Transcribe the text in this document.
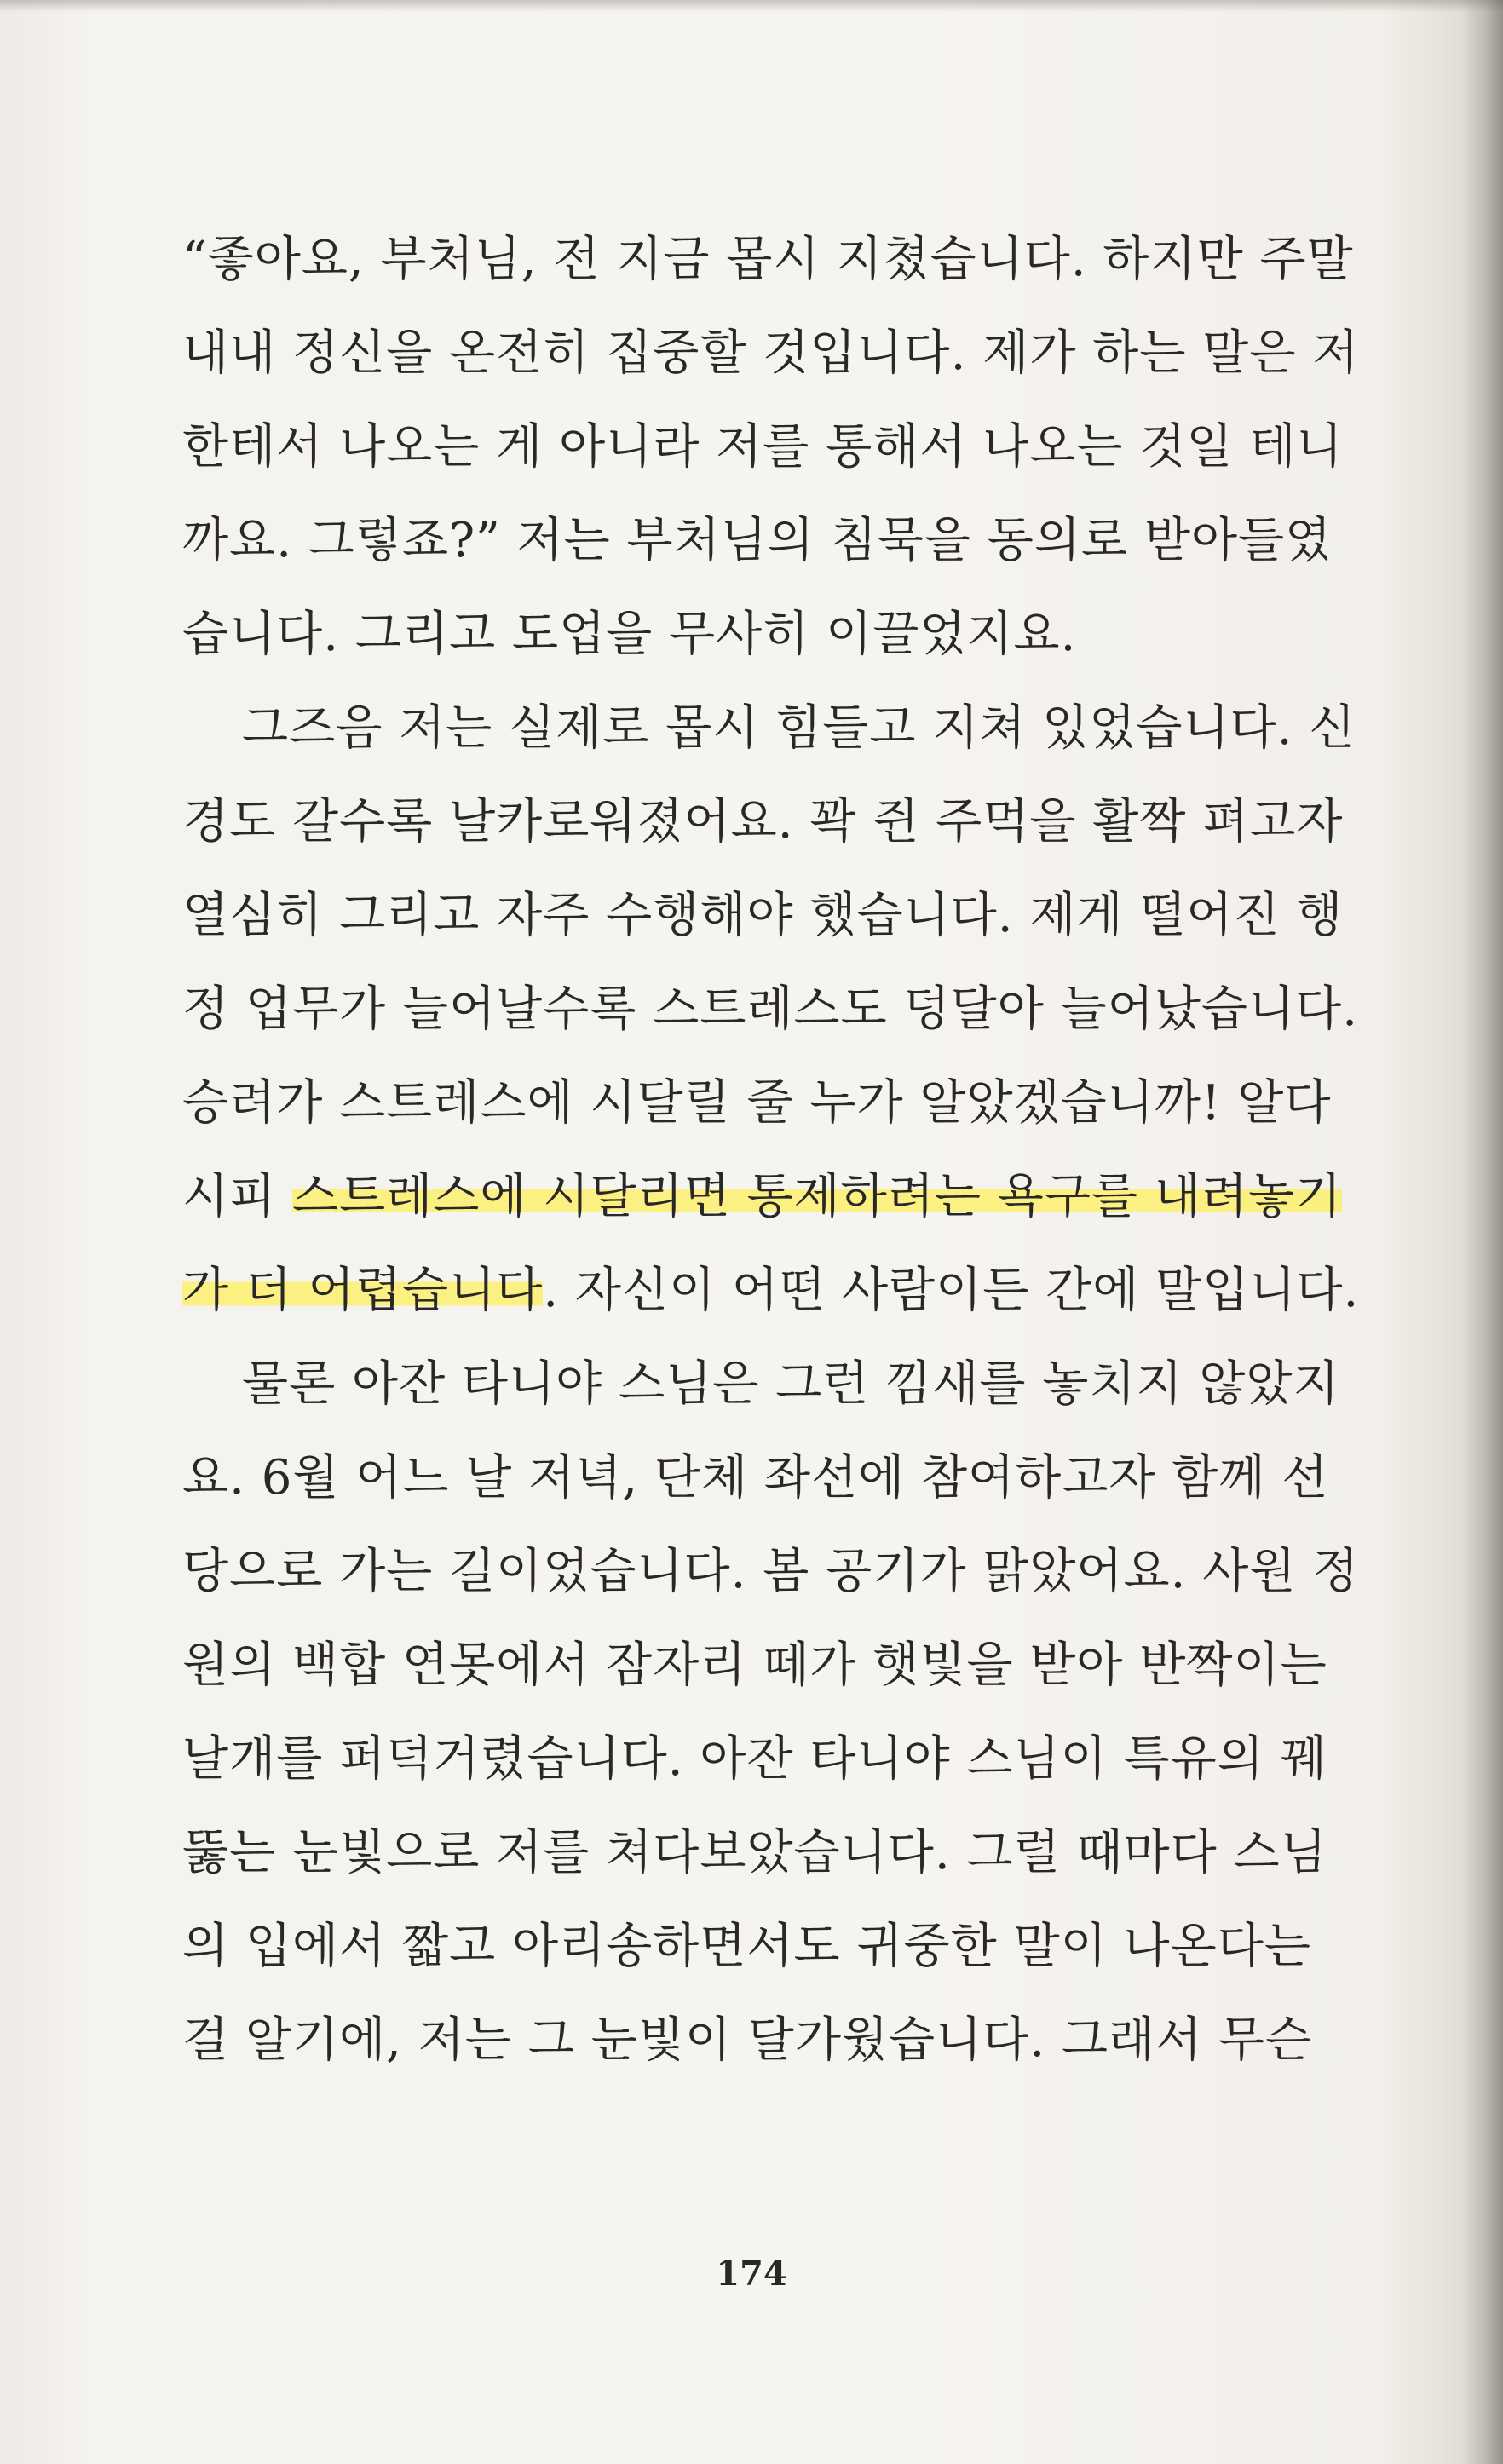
“좋아요, 부처님, 전 지금 몹시 지쳤습니다. 하지만 주말
내내 정신을 온전히 집중할 것입니다. 제가 하는 말은 저
한테서 나오는 게 아니라 저를 통해서 나오는 것일 테니
까요. 그렇죠?” 저는 부처님의 침묵을 동의로 받아들였
습니다. 그리고 도업을 무사히 이끌었지요.
그즈음 저는 실제로 몹시 힘들고 지쳐 있었습니다. 신
경도 갈수록 날카로워졌어요. 꽉 쥔 주먹을 활짝 펴고자
열심히 그리고 자주 수행해야 했습니다. 제게 떨어진 행
정 업무가 늘어날수록 스트레스도 덩달아 늘어났습니다.
승려가 스트레스에 시달릴 줄 누가 알았겠습니까! 알다
시피 스트레스에 시달리면 통제하려는 욕구를 내려놓기
가 더 어렵습니다. 자신이 어떤 사람이든 간에 말입니다.
물론 아잔 타니야 스님은 그런 낌새를 놓치지 않았지
요. 6월 어느 날 저녁, 단체 좌선에 참여하고자 함께 선
당으로 가는 길이었습니다. 봄 공기가 맑았어요. 사원 정
원의 백합 연못에서 잠자리 떼가 햇빛을 받아 반짝이는
날개를 퍼덕거렸습니다. 아잔 타니야 스님이 특유의 꿰
뚫는 눈빛으로 저를 쳐다보았습니다. 그럴 때마다 스님
의 입에서 짧고 아리송하면서도 귀중한 말이 나온다는
걸 알기에, 저는 그 눈빛이 달가웠습니다. 그래서 무슨
174
